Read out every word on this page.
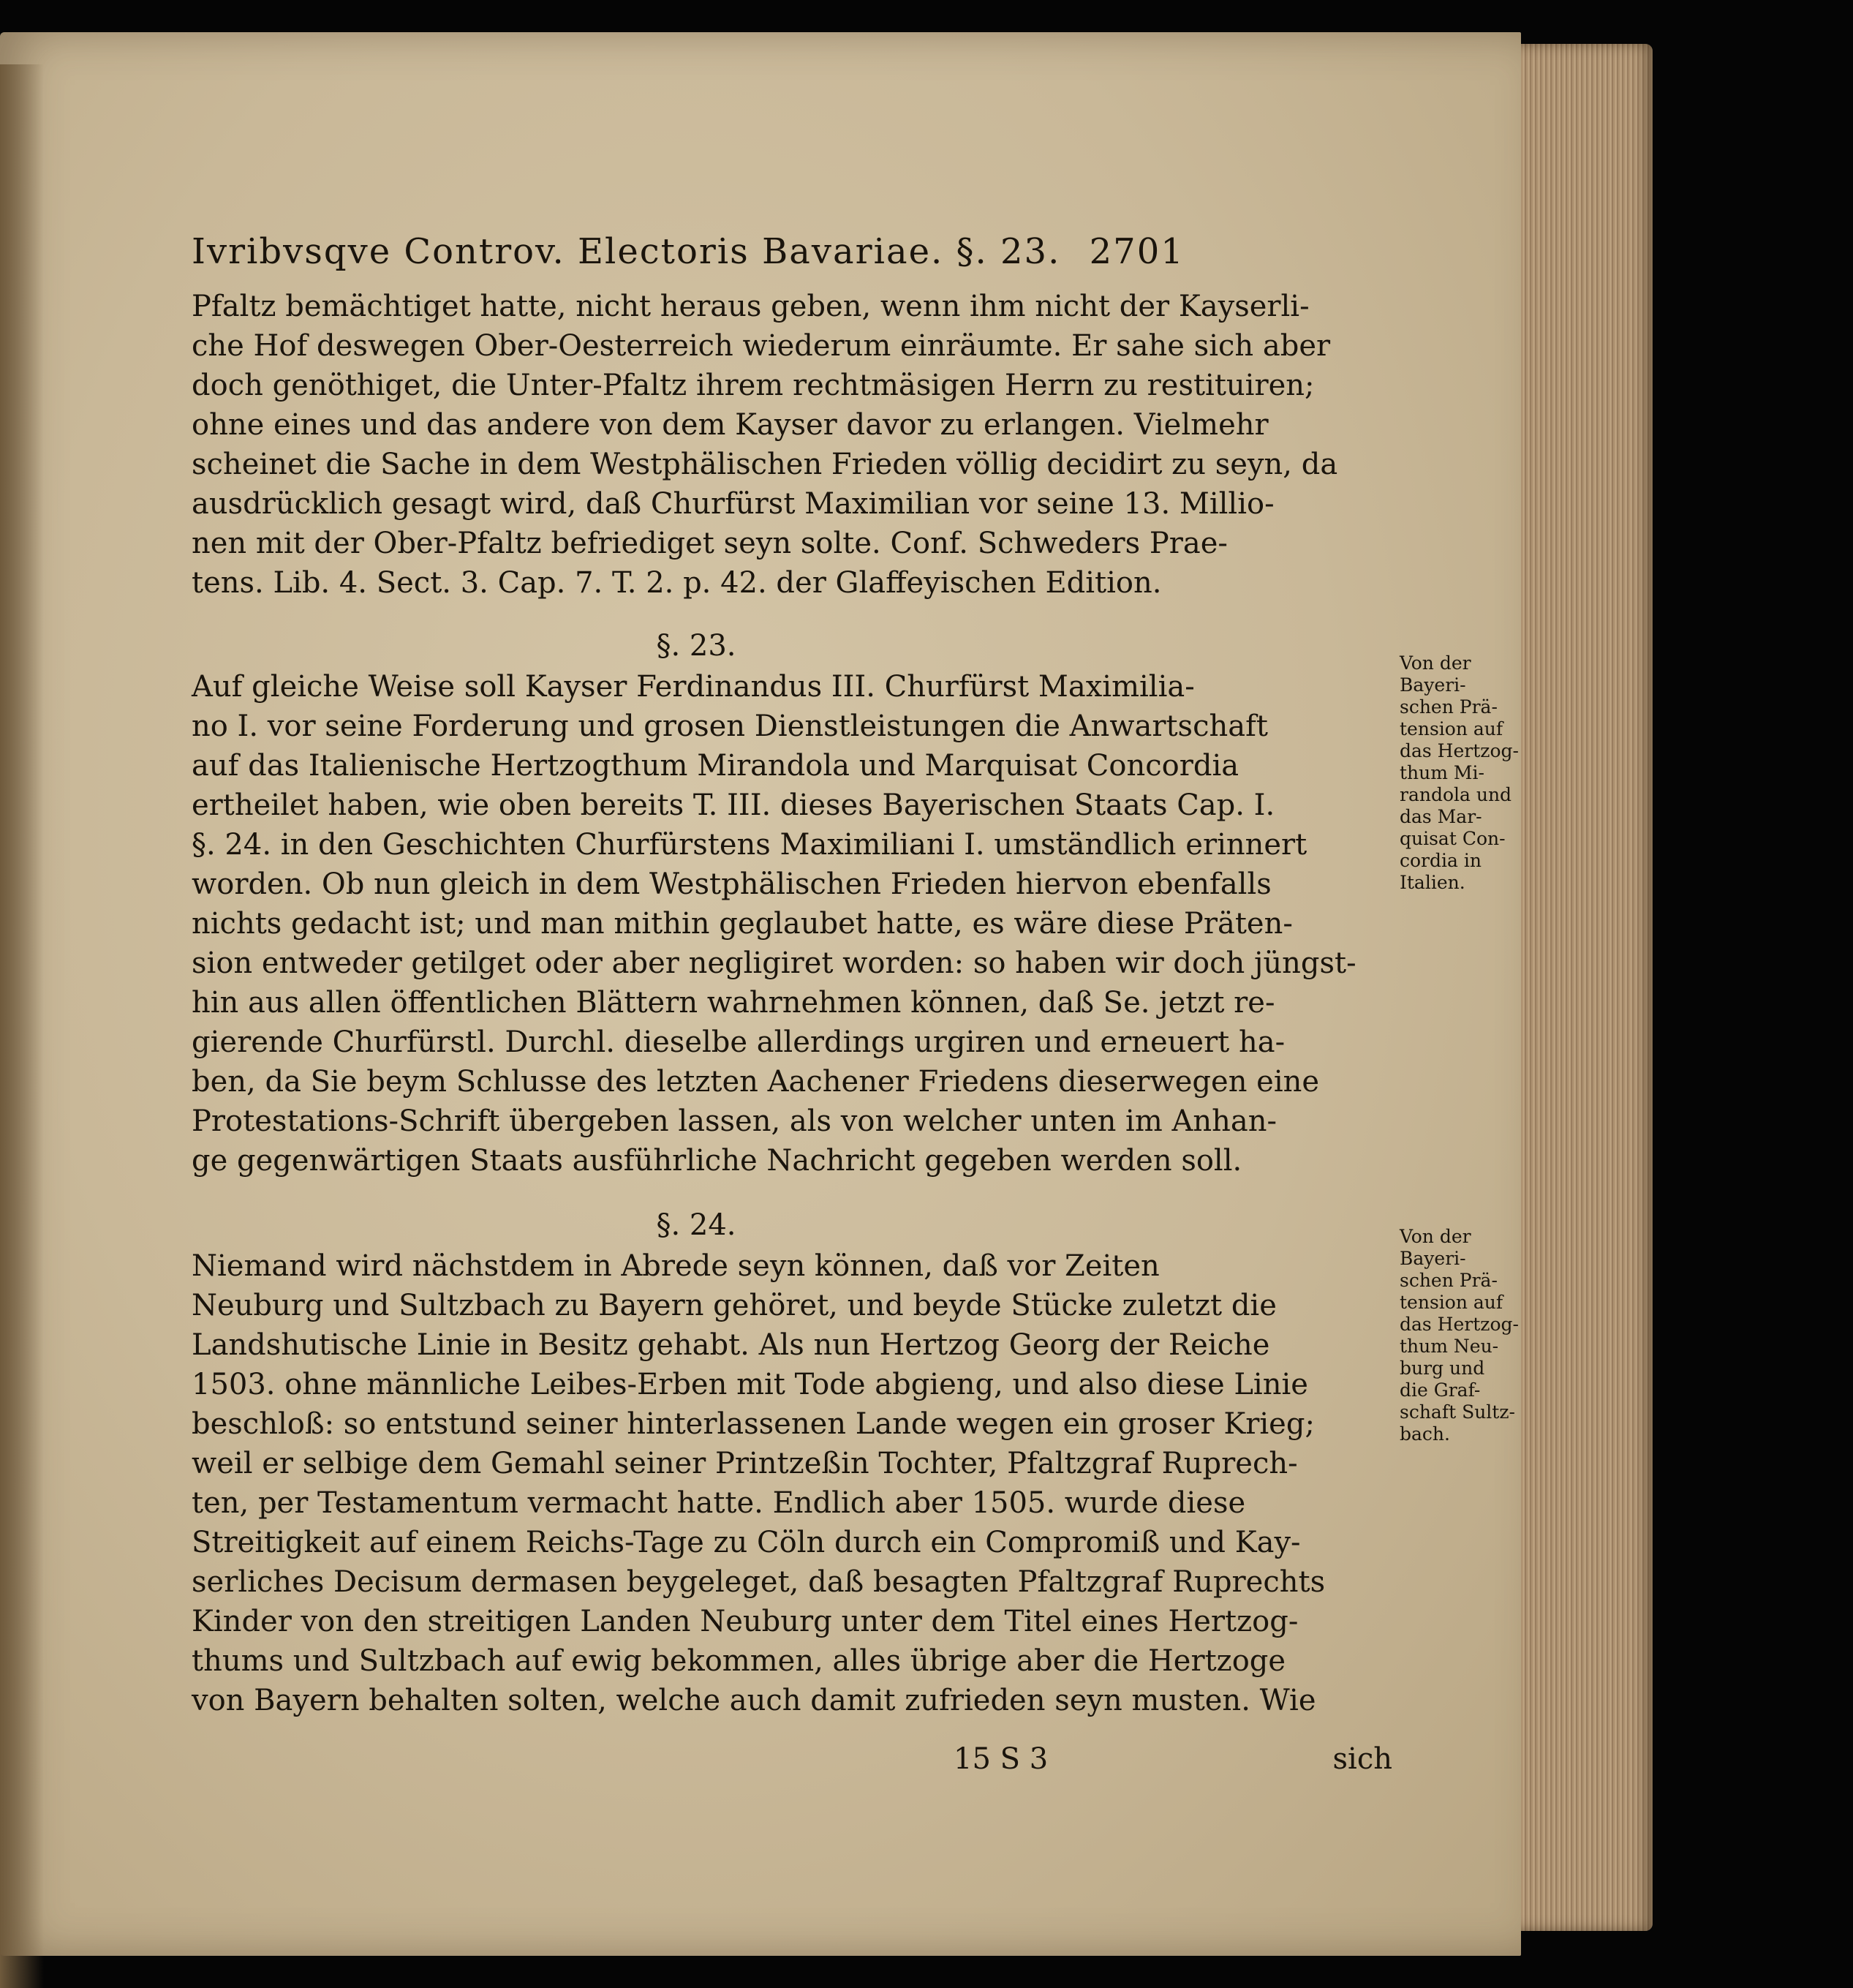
Ivribvsqve Controv. Electoris Bavariae. §. 23. 2701
Pfaltz bemächtiget hatte, nicht heraus geben, wenn ihm nicht der Kayserli-
che Hof deswegen Ober-Oesterreich wiederum einräumte. Er sahe sich aber
doch genöthiget, die Unter-Pfaltz ihrem rechtmäsigen Herrn zu restituiren;
ohne eines und das andere von dem Kayser davor zu erlangen. Vielmehr
scheinet die Sache in dem Westphälischen Frieden völlig decidirt zu seyn, da
ausdrücklich gesagt wird, daß Churfürst Maximilian vor seine 13. Millio-
nen mit der Ober-Pfaltz befriediget seyn solte. Conf. Schweders Prae-
tens. Lib. 4. Sect. 3. Cap. 7. T. 2. p. 42. der Glaffeyischen Edition.
§. 23.
Auf gleiche Weise soll Kayser Ferdinandus III. Churfürst Maximilia-
no I. vor seine Forderung und grosen Dienstleistungen die Anwartschaft
auf das Italienische Hertzogthum Mirandola und Marquisat Concordia
ertheilet haben, wie oben bereits T. III. dieses Bayerischen Staats Cap. I.
§. 24. in den Geschichten Churfürstens Maximiliani I. umständlich erinnert
worden. Ob nun gleich in dem Westphälischen Frieden hiervon ebenfalls
nichts gedacht ist; und man mithin geglaubet hatte, es wäre diese Präten-
sion entweder getilget oder aber negligiret worden: so haben wir doch jüngst-
hin aus allen öffentlichen Blättern wahrnehmen können, daß Se. jetzt re-
gierende Churfürstl. Durchl. dieselbe allerdings urgiren und erneuert ha-
ben, da Sie beym Schlusse des letzten Aachener Friedens dieserwegen eine
Protestations-Schrift übergeben lassen, als von welcher unten im Anhan-
ge gegenwärtigen Staats ausführliche Nachricht gegeben werden soll.
§. 24.
Niemand wird nächstdem in Abrede seyn können, daß vor Zeiten
Neuburg und Sultzbach zu Bayern gehöret, und beyde Stücke zuletzt die
Landshutische Linie in Besitz gehabt. Als nun Hertzog Georg der Reiche
1503. ohne männliche Leibes-Erben mit Tode abgieng, und also diese Linie
beschloß: so entstund seiner hinterlassenen Lande wegen ein groser Krieg;
weil er selbige dem Gemahl seiner Printzeßin Tochter, Pfaltzgraf Ruprech-
ten, per Testamentum vermacht hatte. Endlich aber 1505. wurde diese
Streitigkeit auf einem Reichs-Tage zu Cöln durch ein Compromiß und Kay-
serliches Decisum dermasen beygeleget, daß besagten Pfaltzgraf Ruprechts
Kinder von den streitigen Landen Neuburg unter dem Titel eines Hertzog-
thums und Sultzbach auf ewig bekommen, alles übrige aber die Hertzoge
von Bayern behalten solten, welche auch damit zufrieden seyn musten. Wie
15 S 3	sich
Von der
Bayeri-
schen Prä-
tension auf
das Hertzog-
thum Mi-
randola und
das Mar-
quisat Con-
cordia in
Italien.
Von der
Bayeri-
schen Prä-
tension auf
das Hertzog-
thum Neu-
burg und
die Graf-
schaft Sultz-
bach.
